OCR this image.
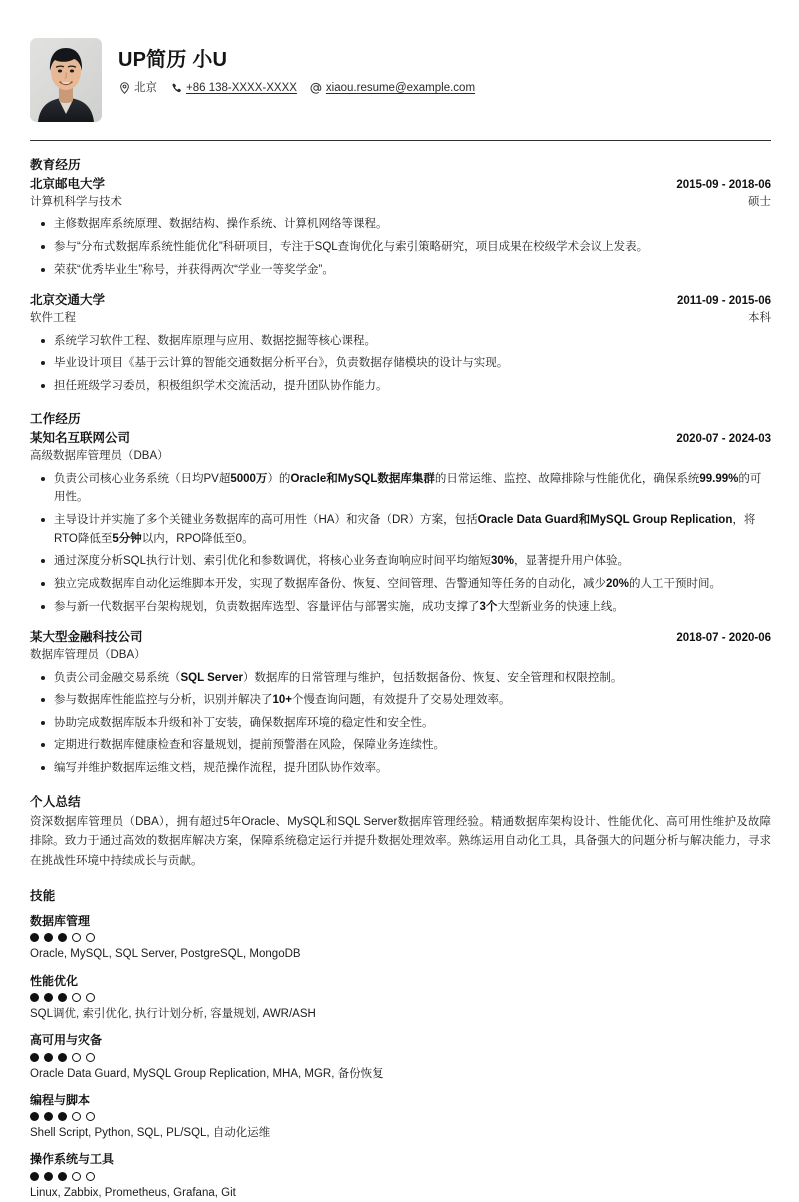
UP简历 小U
北京	+86 138-XXXX-XXXX	xiaou.resume@example.com
教育经历
北京邮电大学	2015-09 - 2018-06
计算机科学与技术	硕士
主修数据库系统原理、数据结构、操作系统、计算机网络等课程。
参与“分布式数据库系统性能优化”科研项目，专注于SQL查询优化与索引策略研究，项目成果在校级学术会议上发表。
荣获“优秀毕业生”称号，并获得两次“学业一等奖学金”。
北京交通大学	2011-09 - 2015-06
软件工程	本科
系统学习软件工程、数据库原理与应用、数据挖掘等核心课程。
毕业设计项目《基于云计算的智能交通数据分析平台》，负责数据存储模块的设计与实现。
担任班级学习委员，积极组织学术交流活动，提升团队协作能力。
工作经历
某知名互联网公司	2020-07 - 2024-03
高级数据库管理员（DBA）
负责公司核心业务系统（日均PV超5000万）的Oracle和MySQL数据库集群的日常运维、监控、故障排除与性能优化，确保系统99.99%的可用性。
主导设计并实施了多个关键业务数据库的高可用性（HA）和灾备（DR）方案，包括Oracle Data Guard和MySQL Group Replication，将RTO降低至5分钟以内，RPO降低至0。
通过深度分析SQL执行计划、索引优化和参数调优，将核心业务查询响应时间平均缩短30%，显著提升用户体验。
独立完成数据库自动化运维脚本开发，实现了数据库备份、恢复、空间管理、告警通知等任务的自动化，减少20%的人工干预时间。
参与新一代数据平台架构规划，负责数据库选型、容量评估与部署实施，成功支撑了3个大型新业务的快速上线。
某大型金融科技公司	2018-07 - 2020-06
数据库管理员（DBA）
负责公司金融交易系统（SQL Server）数据库的日常管理与维护，包括数据备份、恢复、安全管理和权限控制。
参与数据库性能监控与分析，识别并解决了10+个慢查询问题，有效提升了交易处理效率。
协助完成数据库版本升级和补丁安装，确保数据库环境的稳定性和安全性。
定期进行数据库健康检查和容量规划，提前预警潜在风险，保障业务连续性。
编写并维护数据库运维文档，规范操作流程，提升团队协作效率。
个人总结

资深数据库管理员（DBA），拥有超过5年Oracle、MySQL和SQL Server数据库管理经验。精通数据库架构设计、性能优化、高可用性维护及故障排除。致力于通过高效的数据库解决方案，保障系统稳定运行并提升数据处理效率。熟练运用自动化工具，具备强大的问题分析与解决能力，寻求在挑战性环境中持续成长与贡献。

技能
数据库管理
Oracle, MySQL, SQL Server, PostgreSQL, MongoDB
性能优化
SQL调优, 索引优化, 执行计划分析, 容量规划, AWR/ASH
高可用与灾备
Oracle Data Guard, MySQL Group Replication, MHA, MGR, 备份恢复
编程与脚本
Shell Script, Python, SQL, PL/SQL, 自动化运维
操作系统与工具
Linux, Zabbix, Prometheus, Grafana, Git
